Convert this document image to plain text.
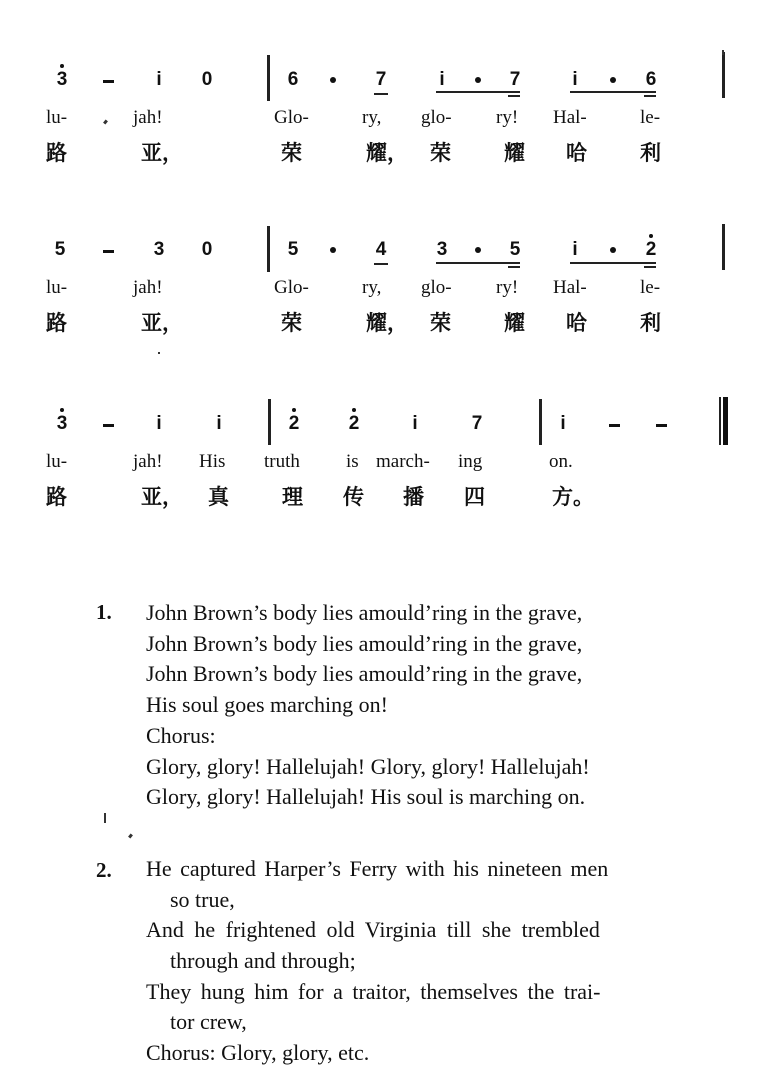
3	i	0	6	7	i	7	i	6
lu-	jah!	Glo-	ry, glo- ry! Hal-	le-
路	亚，	荣	耀， 荣	耀 哈	利
5	3	0	5	4	3	5	i	2
lu-	jah!	Glo-	ry, glo- ry! Hal-	le-
路	亚，	荣	耀， 荣	耀 哈	利
3	i	i	2	2	i	7	i
lu-	jah! His truth is march- ing	on.
路	亚， 真	理 传 播 四	方。
1. John Brown’s body lies amould’ring in the grave,
John Brown’s body lies amould’ring in the grave,
John Brown’s body lies amould’ring in the grave,
His soul goes marching on!
Chorus:
Glory, glory! Hallelujah! Glory, glory! Hallelujah!
Glory, glory! Hallelujah! His soul is marching on.
2. He captured Harper’s Ferry with his nineteen men
so true,
And he frightened old Virginia till she trembled
through and through;
They hung him for a traitor, themselves the trai-
tor crew,
Chorus: Glory, glory, etc.
